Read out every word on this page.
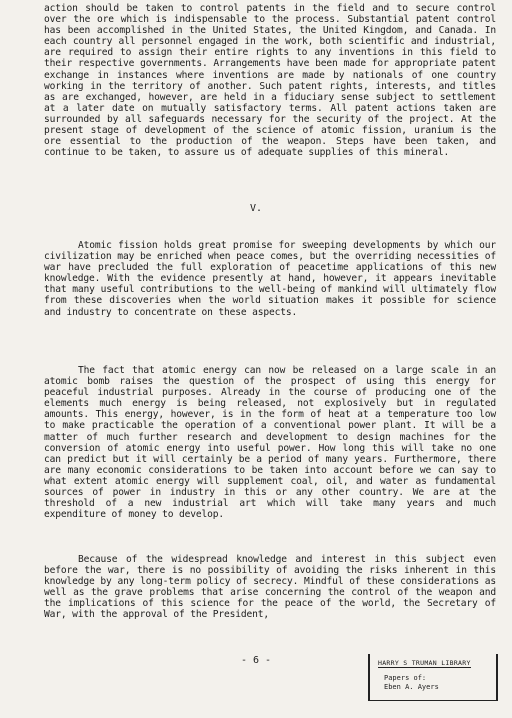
action should be taken to control patents in the field and to secure control over the ore which is indispensable to the process. Substantial patent control has been accomplished in the United States, the United Kingdom, and Canada. In each country all personnel engaged in the work, both scientific and industrial, are required to assign their entire rights to any inventions in this field to their respective governments. Arrangements have been made for appropriate patent exchange in instances where inventions are made by nationals of one country working in the territory of another. Such patent rights, interests, and titles as are exchanged, however, are held in a fiduciary sense subject to settlement at a later date on mutually satisfactory terms. All patent actions taken are surrounded by all safeguards necessary for the security of the project. At the present stage of development of the science of atomic fission, uranium is the ore essential to the production of the weapon. Steps have been taken, and continue to be taken, to assure us of adequate supplies of this mineral.

V.

Atomic fission holds great promise for sweeping developments by which our civilization may be enriched when peace comes, but the overriding necessities of war have precluded the full exploration of peacetime applications of this new knowledge. With the evidence presently at hand, however, it appears inevitable that many useful contributions to the well-being of mankind will ultimately flow from these discoveries when the world situation makes it possible for science and industry to concentrate on these aspects.

The fact that atomic energy can now be released on a large scale in an atomic bomb raises the question of the prospect of using this energy for peaceful industrial purposes. Already in the course of producing one of the elements much energy is being released, not explosively but in regulated amounts. This energy, however, is in the form of heat at a temperature too low to make practicable the operation of a conventional power plant. It will be a matter of much further research and development to design machines for the conversion of atomic energy into useful power. How long this will take no one can predict but it will certainly be a period of many years. Furthermore, there are many economic considerations to be taken into account before we can say to what extent atomic energy will supplement coal, oil, and water as fundamental sources of power in industry in this or any other country. We are at the threshold of a new industrial art which will take many years and much expenditure of money to develop.

Because of the widespread knowledge and interest in this subject even before the war, there is no possibility of avoiding the risks inherent in this knowledge by any long-term policy of secrecy. Mindful of these considerations as well as the grave problems that arise concerning the control of the weapon and the implications of this science for the peace of the world, the Secretary of War, with the approval of the President,

- 6 -	HARRY S TRUMAN LIBRARY
Papers of:
Eben A. Ayers
